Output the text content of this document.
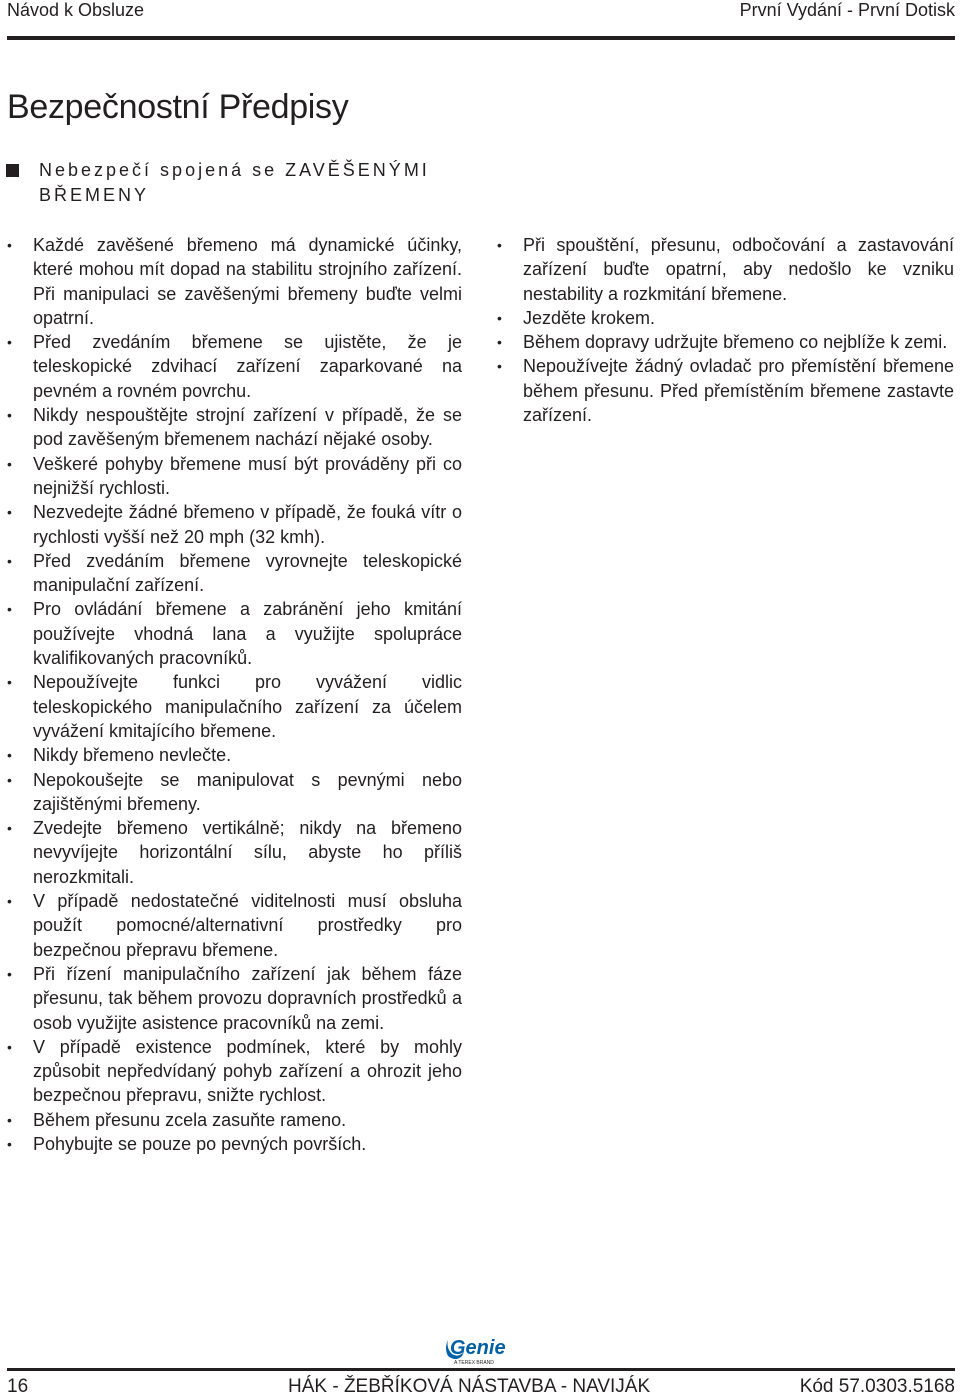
Návod k Obsluze	První Vydání - První Dotisk
Bezpečnostní Předpisy
Nebezpečí spojená se ZAVĚŠENÝMI
BŘEMENY
• Každé zavěšené břemeno má dynamické účinky, které mohou mít dopad na stabilitu strojního zařízení. Při manipulaci se zavěšenými břemeny buďte velmi opatrní.
• Před zvedáním břemene se ujistěte, že je teleskopické zdvihací zařízení zaparkované na pevném a rovném povrchu.
• Nikdy nespouštějte strojní zařízení v případě, že se pod zavěšeným břemenem nachází nějaké osoby.
• Veškeré pohyby břemene musí být prováděny při co nejnižší rychlosti.
• Nezvedejte žádné břemeno v případě, že fouká vítr o rychlosti vyšší než 20 mph (32 kmh).
• Před zvedáním břemene vyrovnejte teleskopické manipulační zařízení.
• Pro ovládání břemene a zabránění jeho kmitání používejte vhodná lana a využijte spolupráce kvalifikovaných pracovníků.
• Nepoužívejte funkci pro vyvážení vidlic teleskopického manipulačního zařízení za účelem vyvážení kmitajícího břemene.
• Nikdy břemeno nevlečte.
• Nepokoušejte se manipulovat s pevnými nebo zajištěnými břemeny.
• Zvedejte břemeno vertikálně; nikdy na břemeno nevyvíjejte horizontální sílu, abyste ho příliš nerozkmitali.
• V případě nedostatečné viditelnosti musí obsluha použít pomocné/alternativní prostředky pro bezpečnou přepravu břemene.
• Při řízení manipulačního zařízení jak během fáze přesunu, tak během provozu dopravních prostředků a osob využijte asistence pracovníků na zemi.
• V případě existence podmínek, které by mohly způsobit nepředvídaný pohyb zařízení a ohrozit jeho bezpečnou přepravu, snižte rychlost.
• Během přesunu zcela zasuňte rameno.
• Pohybujte se pouze po pevných površích.
• Při spouštění, přesunu, odbočování a zastavování zařízení buďte opatrní, aby nedošlo ke vzniku nestability a rozkmitání břemene.
• Jezděte krokem.
• Během dopravy udržujte břemeno co nejblíže k zemi.
• Nepoužívejte žádný ovladač pro přemístění břemene během přesunu. Před přemístěním břemene zastavte zařízení.
Genie
A TEREX BRAND
16	HÁK - ŽEBŘÍKOVÁ NÁSTAVBA - NAVIJÁK	Kód 57.0303.5168
